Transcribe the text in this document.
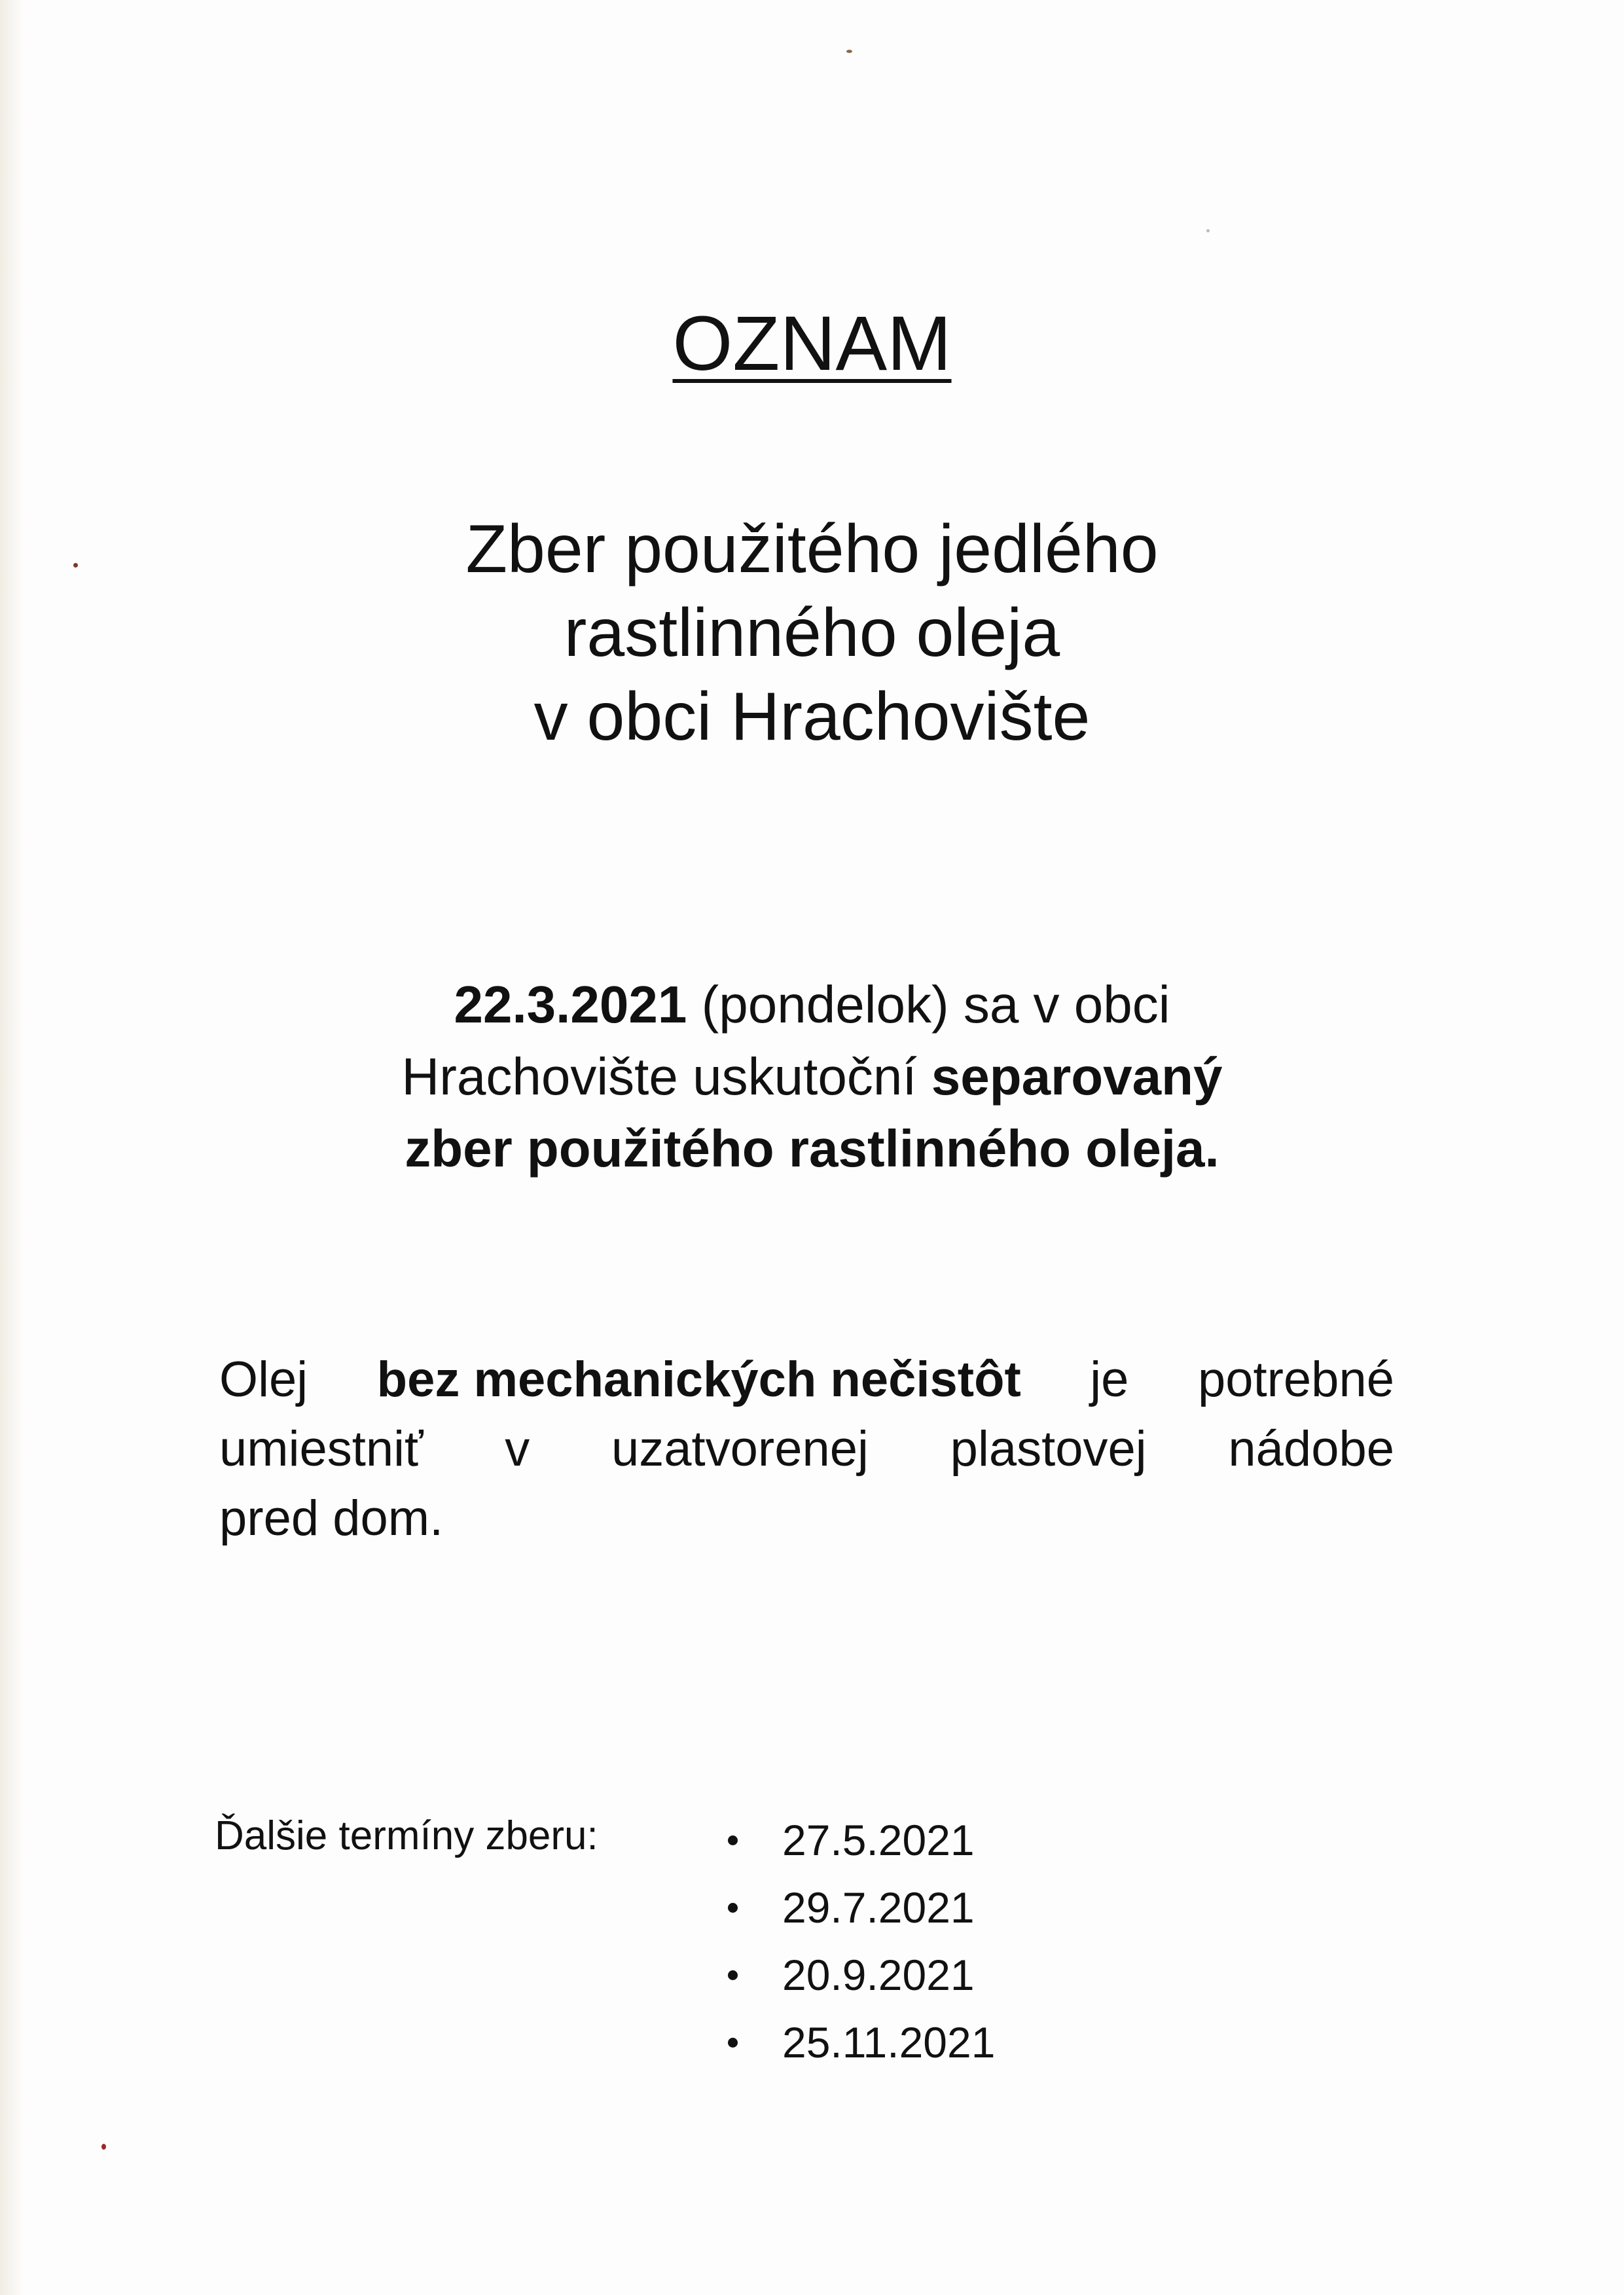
OZNAM
Zber použitého jedlého
rastlinného oleja
v obci Hrachovište
22.3.2021 (pondelok) sa v obci
Hrachovište uskutoční separovaný
zber použitého rastlinného oleja.
Olej bez mechanických nečistôt je potrebné
umiestniť v uzatvorenej plastovej nádobe
pred dom.
Ďalšie termíny zberu:	27.5.2021
29.7.2021
20.9.2021
25.11.2021
